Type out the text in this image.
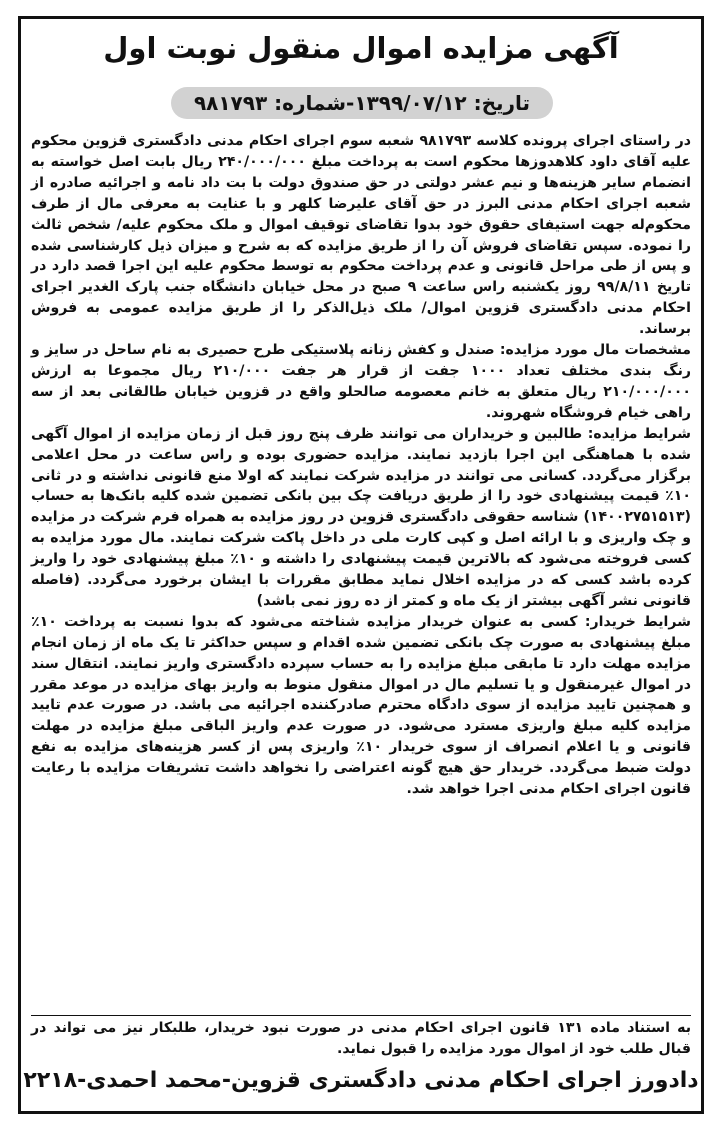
آگهی مزایده اموال منقول نوبت اول
تاریخ: ۱۳۹۹/۰۷/۱۲-شماره: ۹۸۱۷۹۳

در راستای اجرای پرونده کلاسه ۹۸۱۷۹۳ شعبه سوم اجرای احکام مدنی دادگستری قزوین محکوم علیه آقای داود کلاهدوزها محکوم است به پرداخت مبلغ ۲۴۰/۰۰۰/۰۰۰ ریال بابت اصل خواسته به انضمام سایر هزینه‌ها و نیم عشر دولتی در حق صندوق دولت با بت داد نامه و اجرائیه صادره از شعبه اجرای احکام مدنی البرز در حق آقای علیرضا کلهر و با عنایت به معرفی مال از طرف محکوم‌له جهت استیفای حقوق خود بدوا تقاضای توقیف اموال و ملک محکوم علیه/ شخص ثالث را نموده. سپس تقاضای فروش آن را از طریق مزایده که به شرح و میزان ذیل کارشناسی شده و پس از طی مراحل قانونی و عدم پرداخت محکوم به توسط محکوم علیه این اجرا قصد دارد در تاریخ ۹۹/۸/۱۱ روز یکشنبه راس ساعت ۹ صبح در محل خیابان دانشگاه جنب پارک الغدیر اجرای احکام مدنی دادگستری قزوین اموال/ ملک ذیل‌الذکر را از طریق مزایده عمومی به فروش برساند.
مشخصات مال مورد مزایده: صندل و کفش زنانه پلاستیکی طرح حصیری به نام ساحل در سایز و رنگ بندی مختلف تعداد ۱۰۰۰ جفت از قرار هر جفت ۲۱۰/۰۰۰ ریال مجموعا به ارزش ۲۱۰/۰۰۰/۰۰۰ ریال متعلق به خانم معصومه صالحلو واقع در قزوین خیابان طالقانی بعد از سه راهی خیام فروشگاه شهروند.
شرایط مزایده: طالبین و خریداران می توانند ظرف پنج روز قبل از زمان مزایده از اموال آگهی شده با هماهنگی این اجرا بازدید نمایند. مزایده حضوری بوده و راس ساعت در محل اعلامی برگزار می‌گردد. کسانی می توانند در مزایده شرکت نمایند که اولا منع قانونی نداشته و در ثانی ۱۰٪ قیمت پیشنهادی خود را از طریق دریافت چک بین بانکی تضمین شده کلیه بانک‌ها به حساب (۱۴۰۰۲۷۵۱۵۱۳) شناسه حقوقی دادگستری قزوین در روز مزایده به همراه فرم شرکت در مزایده و چک واریزی و با ارائه اصل و کپی کارت ملی در داخل پاکت شرکت نمایند. مال مورد مزایده به کسی فروخته می‌شود که بالاترین قیمت پیشنهادی را داشته و ۱۰٪ مبلغ پیشنهادی خود را واریز کرده باشد کسی که در مزایده اخلال نماید مطابق مقررات با ایشان برخورد می‌گردد. (فاصله قانونی نشر آگهی بیشتر از یک ماه و کمتر از ده روز نمی باشد)
شرایط خریدار: کسی به عنوان خریدار مزایده شناخته می‌شود که بدوا نسبت به پرداخت ۱۰٪ مبلغ پیشنهادی به صورت چک بانکی تضمین شده اقدام و سپس حداکثر تا یک ماه از زمان انجام مزایده مهلت دارد تا مابقی مبلغ مزایده را به حساب سپرده دادگستری واریز نمایند. انتقال سند در اموال غیرمنقول و یا تسلیم مال در اموال منقول منوط به واریز بهای مزایده در موعد مقرر و همچنین تایید مزایده از سوی دادگاه محترم صادرکننده اجرائیه می باشد. در صورت عدم تایید مزایده کلیه مبلغ واریزی مسترد می‌شود. در صورت عدم واریز الباقی مبلغ مزایده در مهلت قانونی و یا اعلام انصراف از سوی خریدار ۱۰٪ واریزی پس از کسر هزینه‌های مزایده به نفع دولت ضبط می‌گردد. خریدار حق هیچ گونه اعتراضی را نخواهد داشت تشریفات مزایده با رعایت قانون اجرای احکام مدنی اجرا خواهد شد.

به استناد ماده ۱۳۱ قانون اجرای احکام مدنی در صورت نبود خریدار، طلبکار نیز می تواند در قبال طلب خود از اموال مورد مزایده را قبول نماید.

دادورز اجرای احکام مدنی دادگستری قزوین-محمد احمدی-۲۲۱۸
